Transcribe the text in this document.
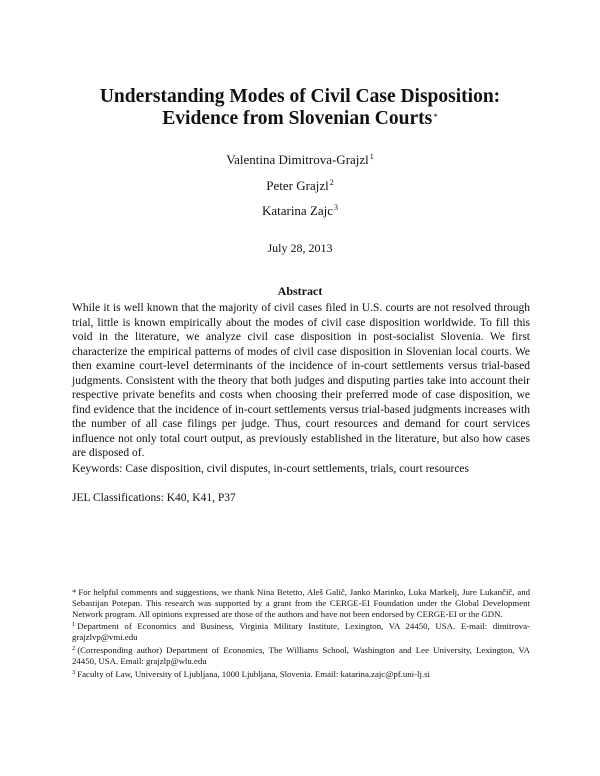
Understanding Modes of Civil Case Disposition:
Evidence from Slovenian Courts*
Valentina Dimitrova-Grajzl$^1$
Peter Grajzl$^2$
Katarina Zajc$^3$
July 28, 2013
Abstract

While it is well known that the majority of civil cases filed in U.S. courts are not resolved through trial, little is known empirically about the modes of civil case disposition worldwide. To fill this void in the literature, we analyze civil case disposition in post-socialist Slovenia. We first characterize the empirical patterns of modes of civil case disposition in Slovenian local courts. We then examine court-level determinants of the incidence of in-court settlements versus trial-based judgments. Consistent with the theory that both judges and disputing parties take into account their respective private benefits and costs when choosing their preferred mode of case disposition, we find evidence that the incidence of in-court settlements versus trial-based judgments increases with the number of all case filings per judge. Thus, court resources and demand for court services influence not only total court output, as previously established in the literature, but also how cases are disposed of.

Keywords: Case disposition, civil disputes, in-court settlements, trials, court resources
JEL Classifications: K40, K41, P37

* For helpful comments and suggestions, we thank Nina Betetto, Aleš Galič, Janko Marinko, Luka Markelj, Jure Lukančič, and Sebastijan Potepan. This research was supported by a grant from the CERGE-EI Foundation under the Global Development Network program. All opinions expressed are those of the authors and have not been endorsed by CERGE-EI or the GDN.

$^1$ Department of Economics and Business, Virginia Military Institute, Lexington, VA 24450, USA. E-mail: dimitrova-grajzlvp@vmi.edu

$^2$ (Corresponding author) Department of Economics, The Williams School, Washington and Lee University, Lexington, VA 24450, USA. Email: grajzlp@wlu.edu

$^3$ Faculty of Law, University of Ljubljana, 1000 Ljubljana, Slovenia. Email: katarina.zajc@pf.uni-lj.si
